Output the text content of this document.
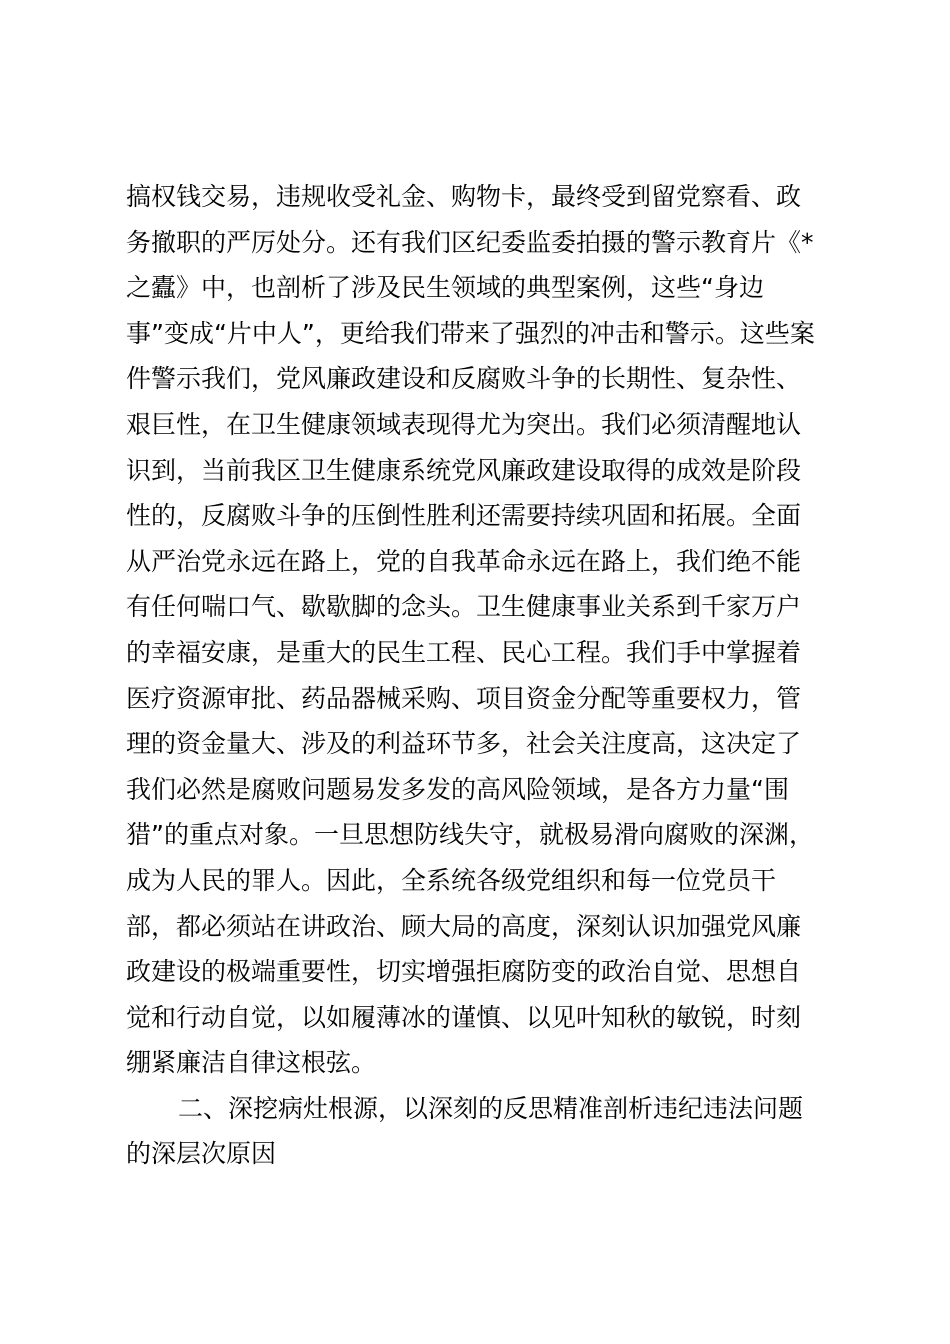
搞权钱交易，违规收受礼金、购物卡，最终受到留党察看、政
务撤职的严厉处分。还有我们区纪委监委拍摄的警示教育片《*
之蠹》中，也剖析了涉及民生领域的典型案例，这些“身边
事”变成“片中人”，更给我们带来了强烈的冲击和警示。这些案
件警示我们，党风廉政建设和反腐败斗争的长期性、复杂性、
艰巨性，在卫生健康领域表现得尤为突出。我们必须清醒地认
识到，当前我区卫生健康系统党风廉政建设取得的成效是阶段
性的，反腐败斗争的压倒性胜利还需要持续巩固和拓展。全面
从严治党永远在路上，党的自我革命永远在路上，我们绝不能
有任何喘口气、歇歇脚的念头。卫生健康事业关系到千家万户
的幸福安康，是重大的民生工程、民心工程。我们手中掌握着
医疗资源审批、药品器械采购、项目资金分配等重要权力，管
理的资金量大、涉及的利益环节多，社会关注度高，这决定了
我们必然是腐败问题易发多发的高风险领域，是各方力量“围
猎”的重点对象。一旦思想防线失守，就极易滑向腐败的深渊，
成为人民的罪人。因此，全系统各级党组织和每一位党员干
部，都必须站在讲政治、顾大局的高度，深刻认识加强党风廉
政建设的极端重要性，切实增强拒腐防变的政治自觉、思想自
觉和行动自觉，以如履薄冰的谨慎、以见叶知秋的敏锐，时刻
绷紧廉洁自律这根弦。
二、深挖病灶根源，以深刻的反思精准剖析违纪违法问题
的深层次原因
